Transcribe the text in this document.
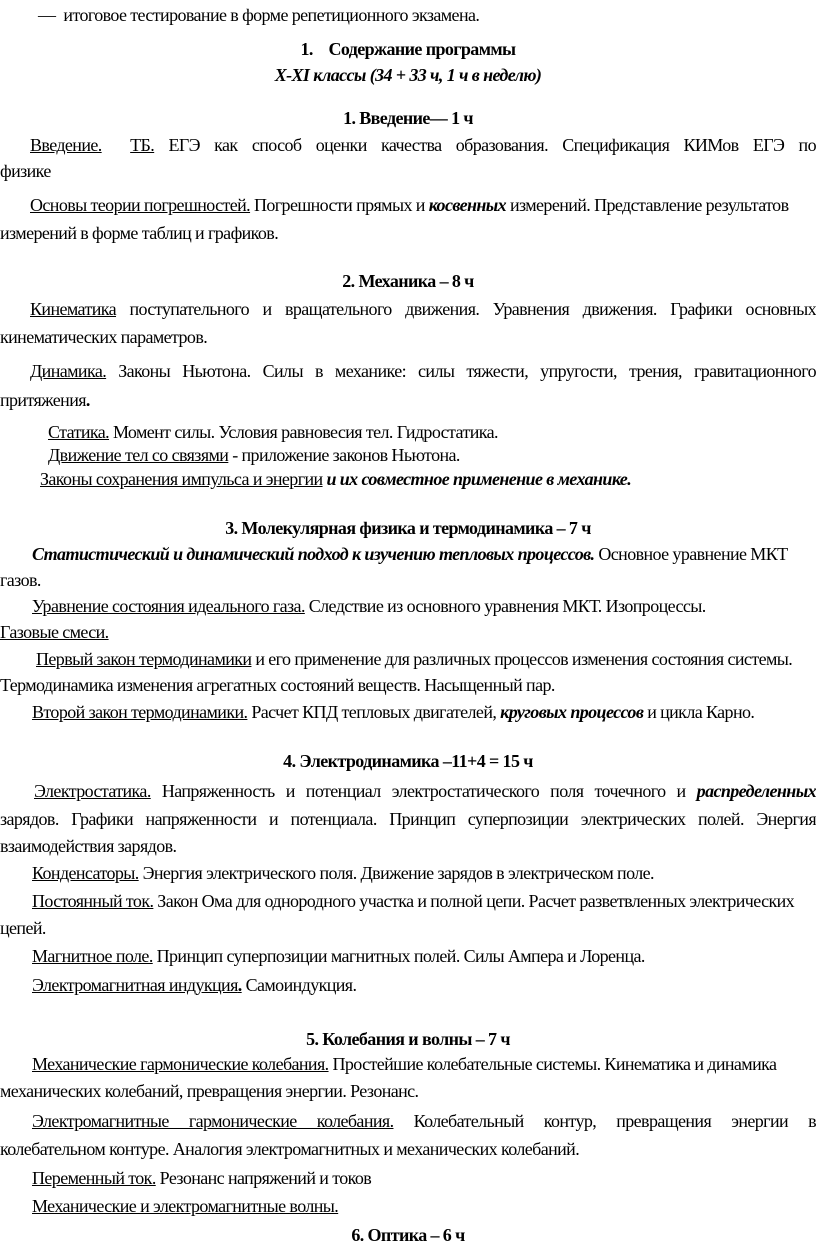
— итоговое тестирование в форме репетиционного экзамена.
1. Содержание программы
X-XI классы (34 + 33 ч, 1 ч в неделю)
1. Введение— 1 ч
Введение. ТБ. ЕГЭ как способ оценки качества образования. Спецификация КИМов ЕГЭ по
физике
Основы теории погрешностей. Погрешности прямых и косвенных измерений. Представление результатов
измерений в форме таблиц и графиков.
2. Механика – 8 ч
Кинематика поступательного и вращательного движения. Уравнения движения. Графики основных
кинематических параметров.
Динамика. Законы Ньютона. Силы в механике: силы тяжести, упругости, трения, гравитационного
притяжения.
Статика. Момент силы. Условия равновесия тел. Гидростатика.
Движение тел со связями - приложение законов Ньютона.
Законы сохранения импульса и энергии и их совместное применение в механике.
3. Молекулярная физика и термодинамика – 7 ч
Статистический и динамический подход к изучению тепловых процессов. Основное уравнение МКТ
газов.
Уравнение состояния идеального газа. Следствие из основного уравнения МКТ. Изопроцессы.
Газовые смеси.
Первый закон термодинамики и его применение для различных процессов изменения состояния системы.
Термодинамика изменения агрегатных состояний веществ. Насыщенный пар.
Второй закон термодинамики. Расчет КПД тепловых двигателей, круговых процессов и цикла Карно.
4. Электродинамика –11+4 = 15 ч
Электростатика. Напряженность и потенциал электростатического поля точечного и распределенных
зарядов. Графики напряженности и потенциала. Принцип суперпозиции электрических полей. Энергия
взаимодействия зарядов.
Конденсаторы. Энергия электрического поля. Движение зарядов в электрическом поле.
Постоянный ток. Закон Ома для однородного участка и полной цепи. Расчет разветвленных электрических
цепей.
Магнитное поле. Принцип суперпозиции магнитных полей. Силы Ампера и Лоренца.
Электромагнитная индукция. Самоиндукция.
5. Колебания и волны – 7 ч
Механические гармонические колебания. Простейшие колебательные системы. Кинематика и динамика
механических колебаний, превращения энергии. Резонанс.
Электромагнитные гармонические колебания. Колебательный контур, превращения энергии в
колебательном контуре. Аналогия электромагнитных и механических колебаний.
Переменный ток. Резонанс напряжений и токов
Механические и электромагнитные волны.
6. Оптика – 6 ч
